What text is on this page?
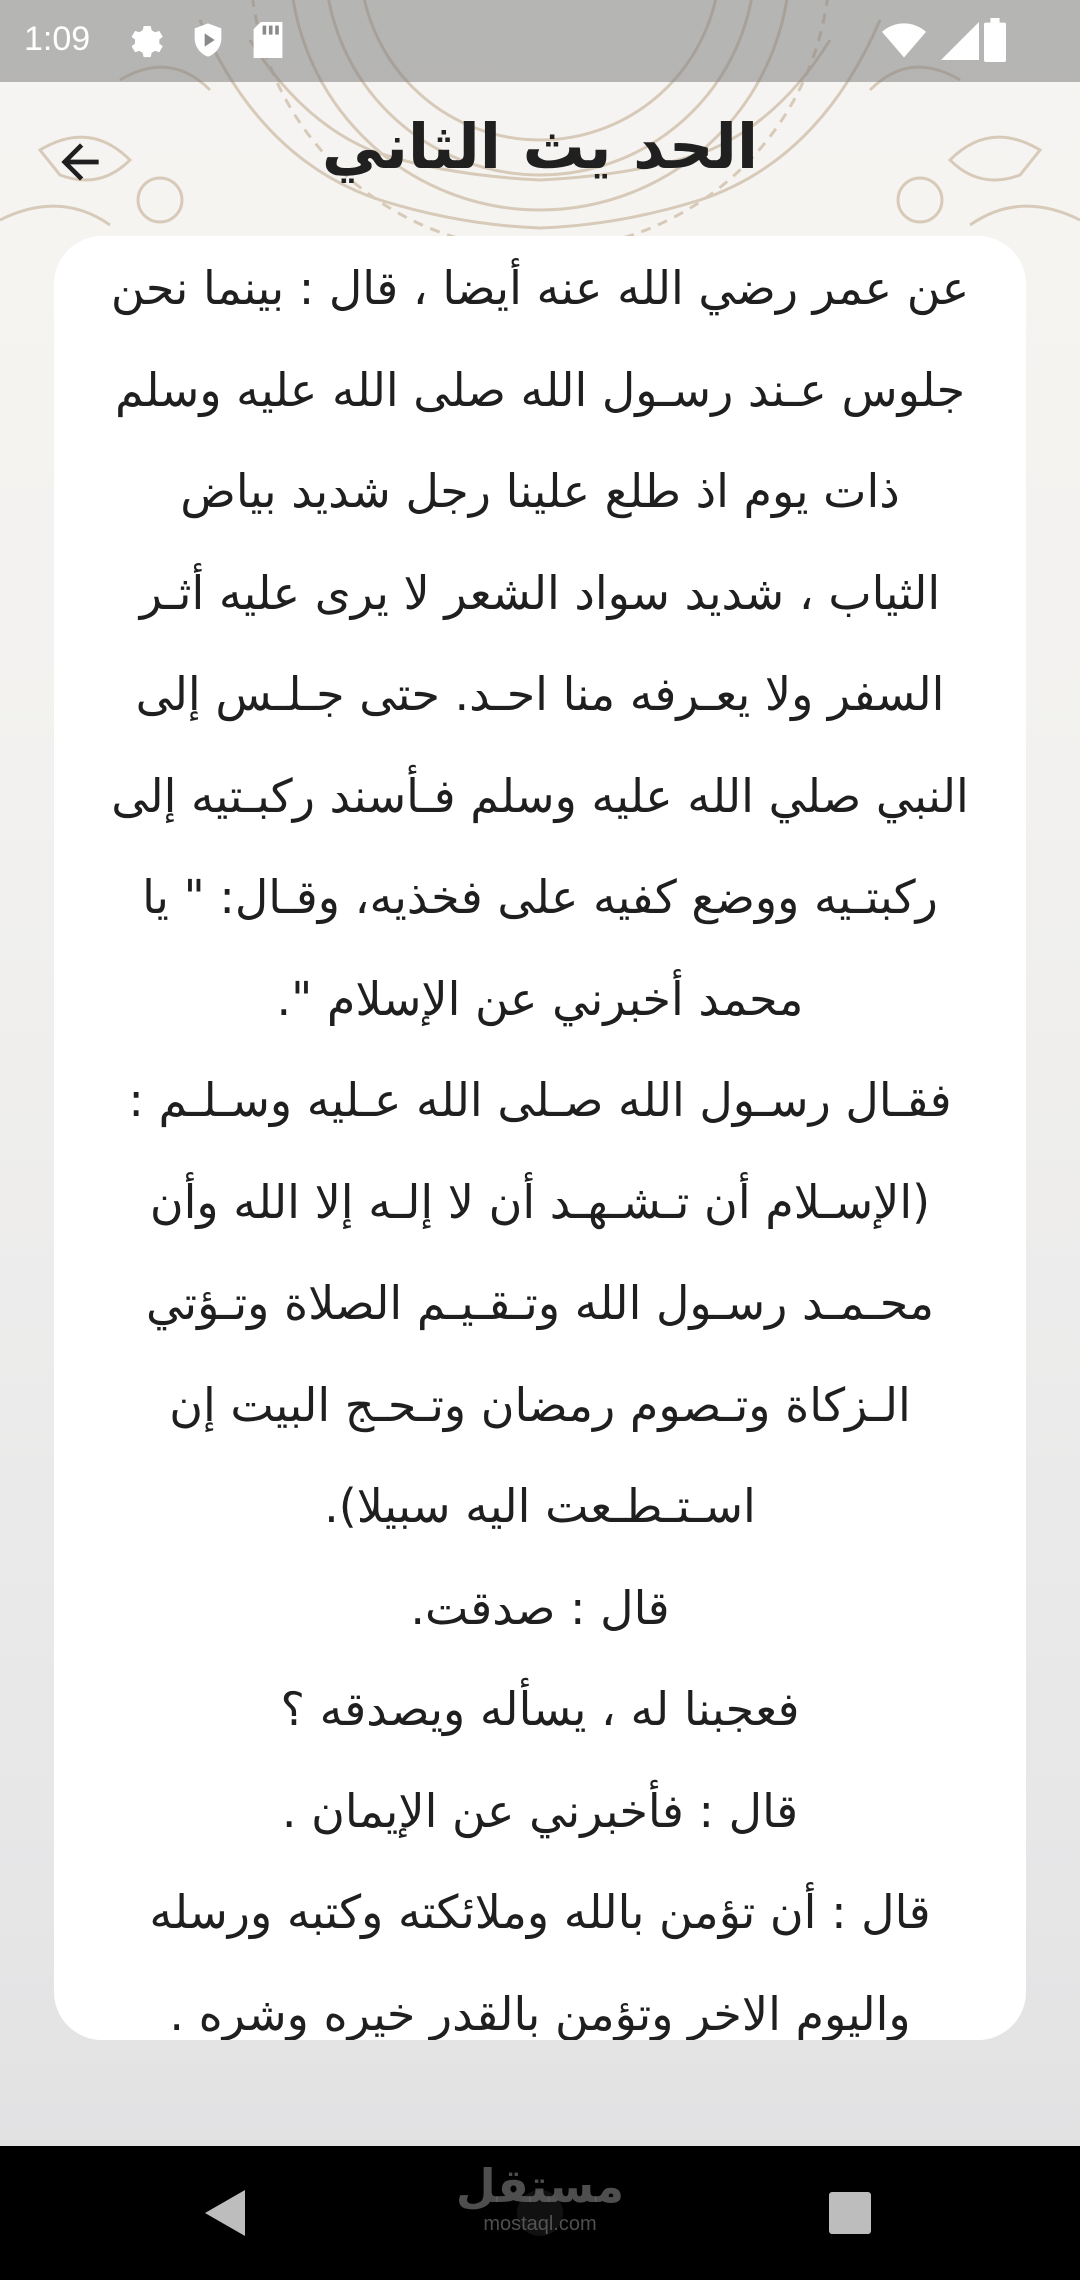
1:09
الحد يث الثاني
عن عمر رضي الله عنه أيضا ، قال : بينما نحن
جلوس عـند رسـول الله صلى الله عليه وسلم
ذات يوم اذ طلع علينا رجل شديد بياض
الثياب ، شديد سواد الشعر لا يرى عليه أثـر
السفر ولا يعـرفه منا احـد. حتى جـلـس إلى
النبي صلي الله عليه وسلم فـأسند ركبـتيه إلى
ركبتـيه ووضع كفيه على فخذيه، وقـال: " يا
محمد أخبرني عن الإسلام ".
فقـال رسـول الله صـلى الله عـليه وسـلـم :
(الإسـلام أن تـشـهـد أن لا إلـه إلا الله وأن
محـمـد رسـول الله وتـقـيـم الصلاة وتـؤتي
الـزكاة وتـصوم رمضان وتـحـج البيت إن
اسـتـطـعت اليه سبيلا).
قال : صدقت.
فعجبنا له ، يسأله ويصدقه ؟
قال : فأخبرني عن الإيمان .
قال : أن تؤمن بالله وملائكته وكتبه ورسله
واليوم الاخر وتؤمن بالقدر خيره وشره .
مستقل
mostaql.com
